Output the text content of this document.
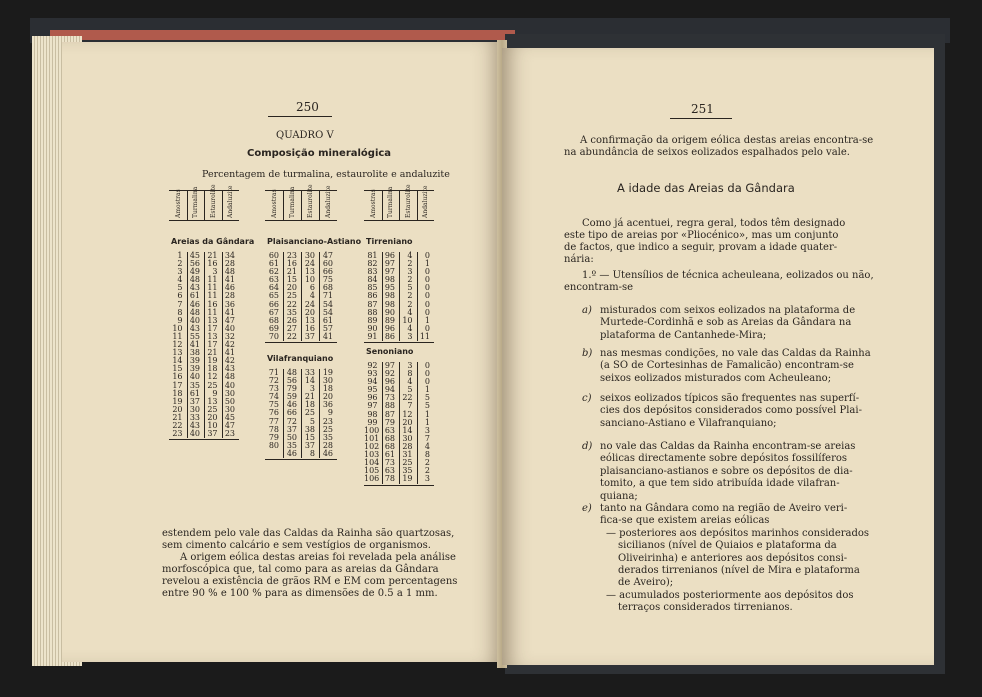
250
QUADRO V
Composição mineralógica
Percentagem de turmalina, estaurolite e andaluzite
Amostras Turmalina Estaurolite Andaluzite	Amostras Turmalina Estaurolite Andaluzite	Amostras Turmalina Estaurolite Andaluzite
Areias da Gândara
1
2
3
4
5
6
7
8
9
10
11
12
13
14
15
16
17
18
19
20
21
22
23
45
56
49
48
43
61
46
48
40
43
55
41
38
39
39
40
35
61
37
30
33
43
40
21
16
3
11
11
11
16
11
13
17
13
17
21
19
18
12
25
9
13
25
20
10
37
34
28
48
41
46
28
36
41
47
40
32
42
41
42
43
48
40
30
50
30
45
47
23
Plaisanciano-Astiano
60
61
62
63
64
65
66
67
68
69
70
23
16
21
15
20
25
22
35
26
27
22
30
24
13
10
6
4
24
20
13
16
37
47
60
66
75
68
71
54
54
61
57
41
Vilafranquiano
71
72
73
74
75
76
77
78
79
80
48
56
79
59
46
66
72
37
50
35
46
33
14
3
21
18
25
5
38
15
37
8
19
30
18
20
36
9
23
25
35
28
46
Tirreniano
81
82
83
84
85
86
87
88
89
90
91
96
97
97
98
95
98
98
90
89
96
86
4
2
3
2
5
2
2
4
10
4
3
0
1
0
0
0
0
0
0
1
0
11
Senoniano
92
93
94
95
96
97
98
99
100
101
102
103
104
105
106
97
92
96
94
73
88
87
79
63
68
68
61
73
63
78
3
8
4
5
22
7
12
20
14
30
28
31
25
35
19
0
0
0
1
5
5
1
1
3
7
4
8
2
2
3
estendem pelo vale das Caldas da Rainha são quartzosas,
sem cimento calcário e sem vestígios de organismos.
A origem eólica destas areias foi revelada pela análise
morfoscópica que, tal como para as areias da Gândara
revelou a existência de grãos RM e EM com percentagens
entre 90 % e 100 % para as dimensões de 0.5 a 1 mm.
251
A confirmação da origem eólica destas areias encontra-se
na abundância de seixos eolizados espalhados pelo vale.
A idade das Areias da Gândara
Como já acentuei, regra geral, todos têm designado
este tipo de areias por «Pliocénico», mas um conjunto
de factos, que indico a seguir, provam a idade quater-
nária:
1.º — Utensílios de técnica acheuleana, eolizados ou não,
encontram-se
a) misturados com seixos eolizados na plataforma de
Murtede-Cordinhã e sob as Areias da Gândara na
plataforma de Cantanhede-Mira;
b) nas mesmas condições, no vale das Caldas da Rainha
(a SO de Cortesinhas de Famalicão) encontram-se
seixos eolizados misturados com Acheuleano;
c) seixos eolizados típicos são frequentes nas superfí-
cies dos depósitos considerados como possível Plai-
sanciano-Astiano e Vilafranquiano;
d) no vale das Caldas da Rainha encontram-se areias
eólicas directamente sobre depósitos fossilíferos
plaisanciano-astianos e sobre os depósitos de dia-
tomito, a que tem sido atribuída idade vilafran-
quiana;
e) tanto na Gândara como na região de Aveiro veri-
fica-se que existem areias eólicas
— posteriores aos depósitos marinhos considerados
sicilianos (nível de Quiaios e plataforma da
Oliveirinha) e anteriores aos depósitos consi-
derados tirrenianos (nível de Mira e plataforma
de Aveiro);
— acumulados posteriormente aos depósitos dos
terraços considerados tirrenianos.
